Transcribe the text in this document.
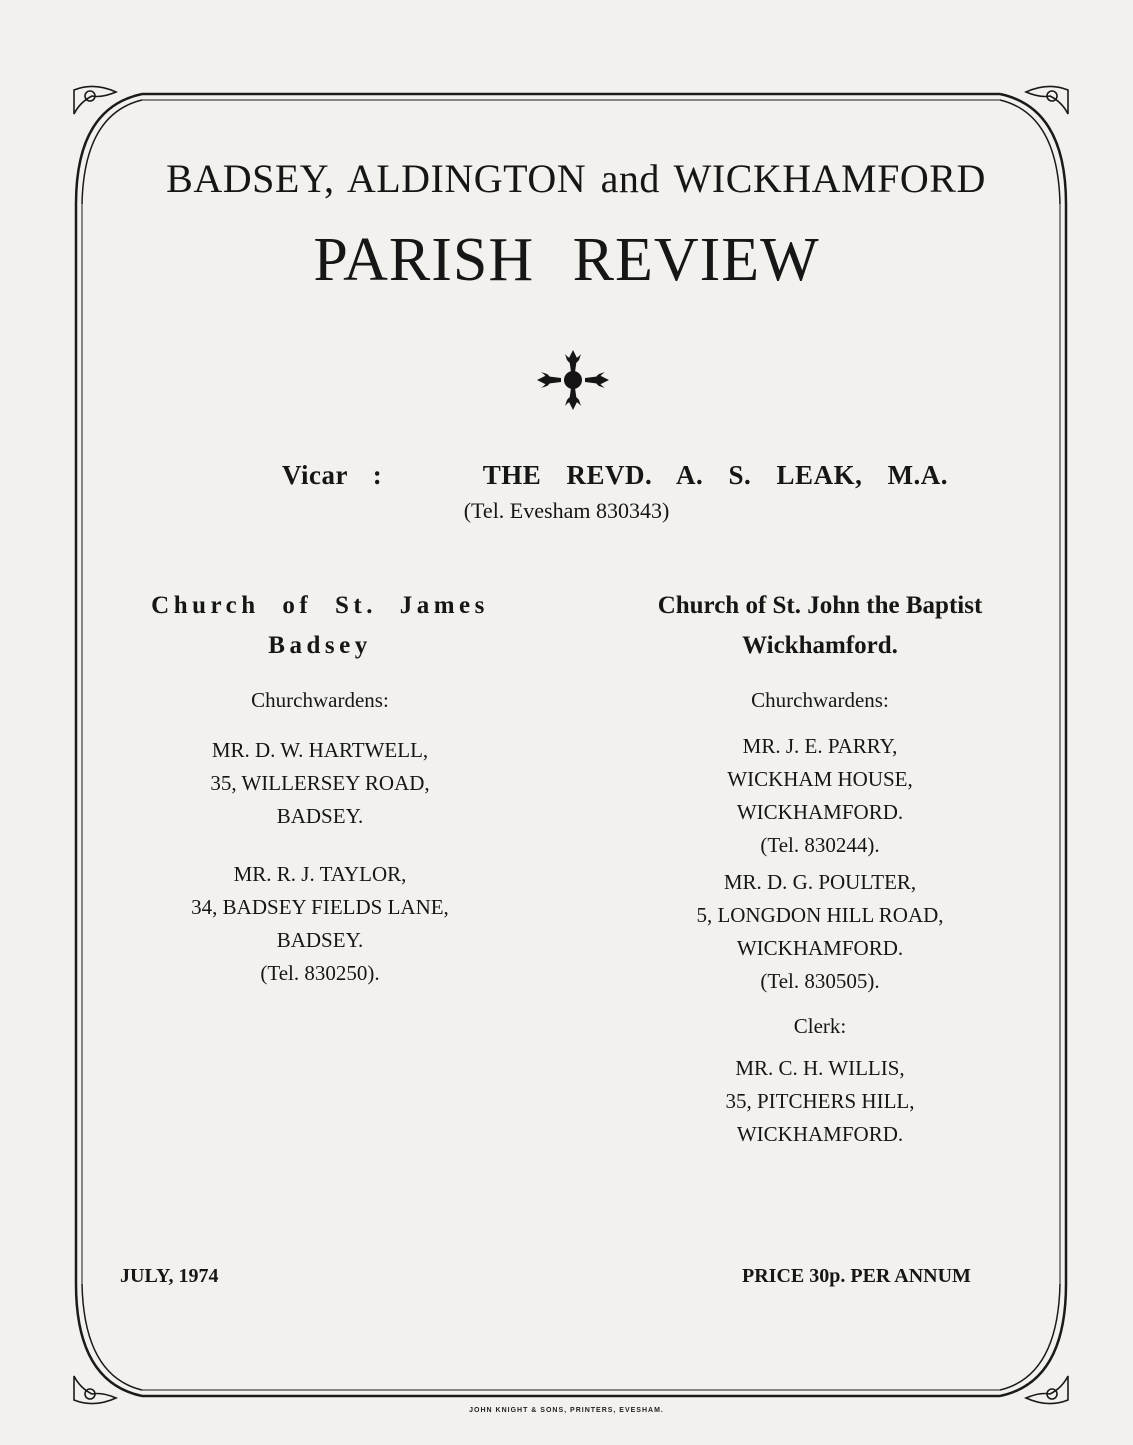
BADSEY, ALDINGTON and WICKHAMFORD
PARISH REVIEW
Vicar :	THE REVD. A. S. LEAK, M.A.
(Tel. Evesham 830343)
Church of St. James
Badsey
Churchwardens:
MR. D. W. HARTWELL,
35, WILLERSEY ROAD,
BADSEY.
MR. R. J. TAYLOR,
34, BADSEY FIELDS LANE,
BADSEY.
(Tel. 830250).
Church of St. John the Baptist
Wickhamford.
Churchwardens:
MR. J. E. PARRY,
WICKHAM HOUSE,
WICKHAMFORD.
(Tel. 830244).
MR. D. G. POULTER,
5, LONGDON HILL ROAD,
WICKHAMFORD.
(Tel. 830505).
Clerk:
MR. C. H. WILLIS,
35, PITCHERS HILL,
WICKHAMFORD.
JULY, 1974	PRICE 30p. PER ANNUM
JOHN KNIGHT & SONS, PRINTERS, EVESHAM.
